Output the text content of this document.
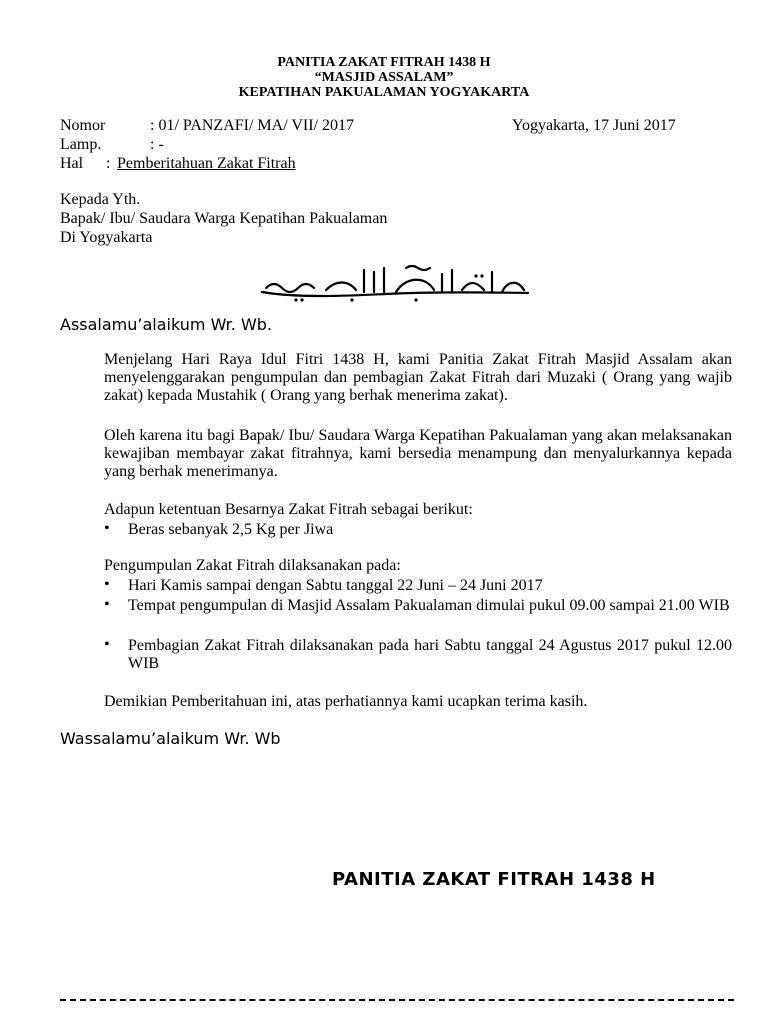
PANITIA ZAKAT FITRAH 1438 H
“MASJID ASSALAM”
KEPATIHAN PAKUALAMAN YOGYAKARTA
Nomor	: 01/ PANZAFI/ MA/ VII/ 2017	Yogyakarta, 17 Juni 2017
Lamp.	: -
Hal : Pemberitahuan Zakat Fitrah
Kepada Yth.
Bapak/ Ibu/ Saudara Warga Kepatihan Pakualaman
Di Yogyakarta
Assalamu’alaikum Wr. Wb.
Menjelang Hari Raya Idul Fitri 1438 H, kami Panitia Zakat Fitrah Masjid Assalam akan menyelenggarakan pengumpulan dan pembagian Zakat Fitrah dari Muzaki ( Orang yang wajib zakat) kepada Mustahik ( Orang yang berhak menerima zakat).
Oleh karena itu bagi Bapak/ Ibu/ Saudara Warga Kepatihan Pakualaman yang akan melaksanakan kewajiban membayar zakat fitrahnya, kami bersedia menampung dan menyalurkannya kepada yang berhak menerimanya.
Adapun ketentuan Besarnya Zakat Fitrah sebagai berikut:
• Beras sebanyak 2,5 Kg per Jiwa
Pengumpulan Zakat Fitrah dilaksanakan pada:
• Hari Kamis sampai dengan Sabtu tanggal 22 Juni – 24 Juni 2017
• Tempat pengumpulan di Masjid Assalam Pakualaman dimulai pukul 09.00 sampai 21.00 WIB
• Pembagian Zakat Fitrah dilaksanakan pada hari Sabtu tanggal 24 Agustus 2017 pukul 12.00 WIB
Demikian Pemberitahuan ini, atas perhatiannya kami ucapkan terima kasih.
Wassalamu’alaikum Wr. Wb
PANITIA ZAKAT FITRAH 1438 H
